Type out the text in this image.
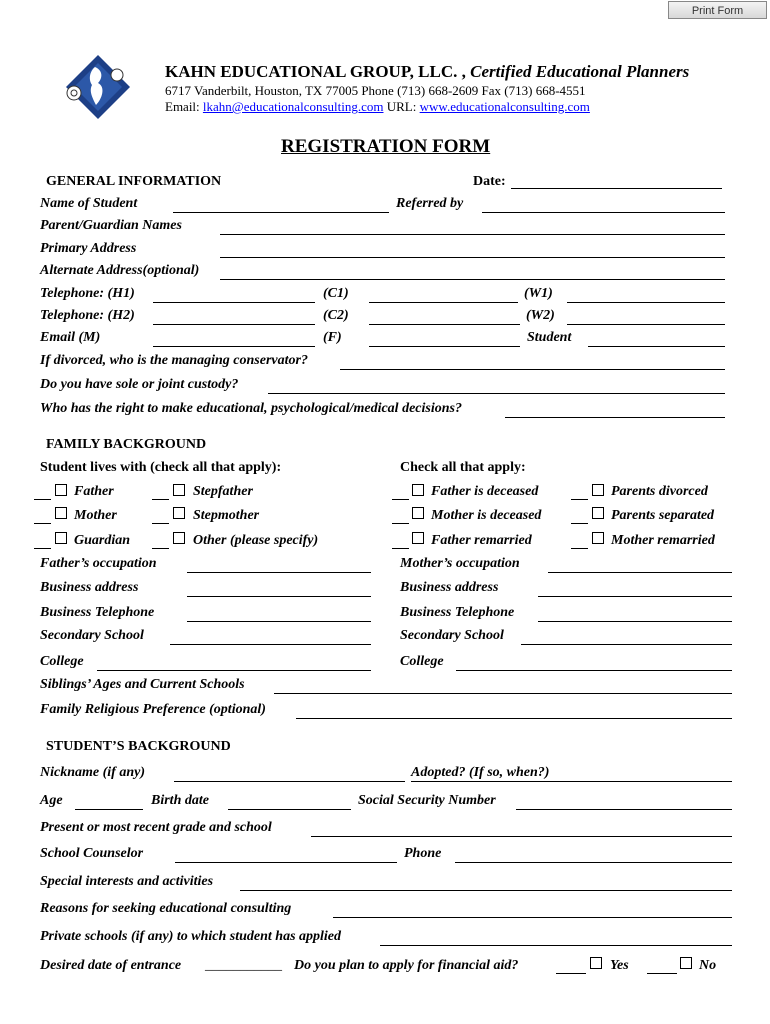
Print Form
KAHN EDUCATIONAL GROUP, LLC. , Certified Educational Planners
6717 Vanderbilt, Houston, TX 77005 Phone (713) 668-2609 Fax (713) 668-4551
Email: lkahn@educationalconsulting.com URL: www.educationalconsulting.com
REGISTRATION FORM
GENERAL INFORMATION	Date:
Name of Student	Referred by
Parent/Guardian Names
Primary Address
Alternate Address(optional)
Telephone: (H1)	(C1)	(W1)
Telephone: (H2)	(C2)	(W2)
Email (M)	(F)	Student
If divorced, who is the managing conservator?
Do you have sole or joint custody?
Who has the right to make educational, psychological/medical decisions?
FAMILY BACKGROUND
Student lives with (check all that apply):	Check all that apply:
Father	Stepfather	Father is deceased	Parents divorced
Mother	Stepmother	Mother is deceased	Parents separated
Guardian	Other (please specify)	Father remarried	Mother remarried
Father’s occupation	Mother’s occupation
Business address	Business address
Business Telephone	Business Telephone
Secondary School	Secondary School
College	College
Siblings’ Ages and Current Schools
Family Religious Preference (optional)
STUDENT’S BACKGROUND
Nickname (if any)	Adopted? (If so, when?)
Age	Birth date	Social Security Number
Present or most recent grade and school
School Counselor	Phone
Special interests and activities
Reasons for seeking educational consulting
Private schools (if any) to which student has applied
Desired date of entrance ___________ Do you plan to apply for financial aid?	Yes	No
